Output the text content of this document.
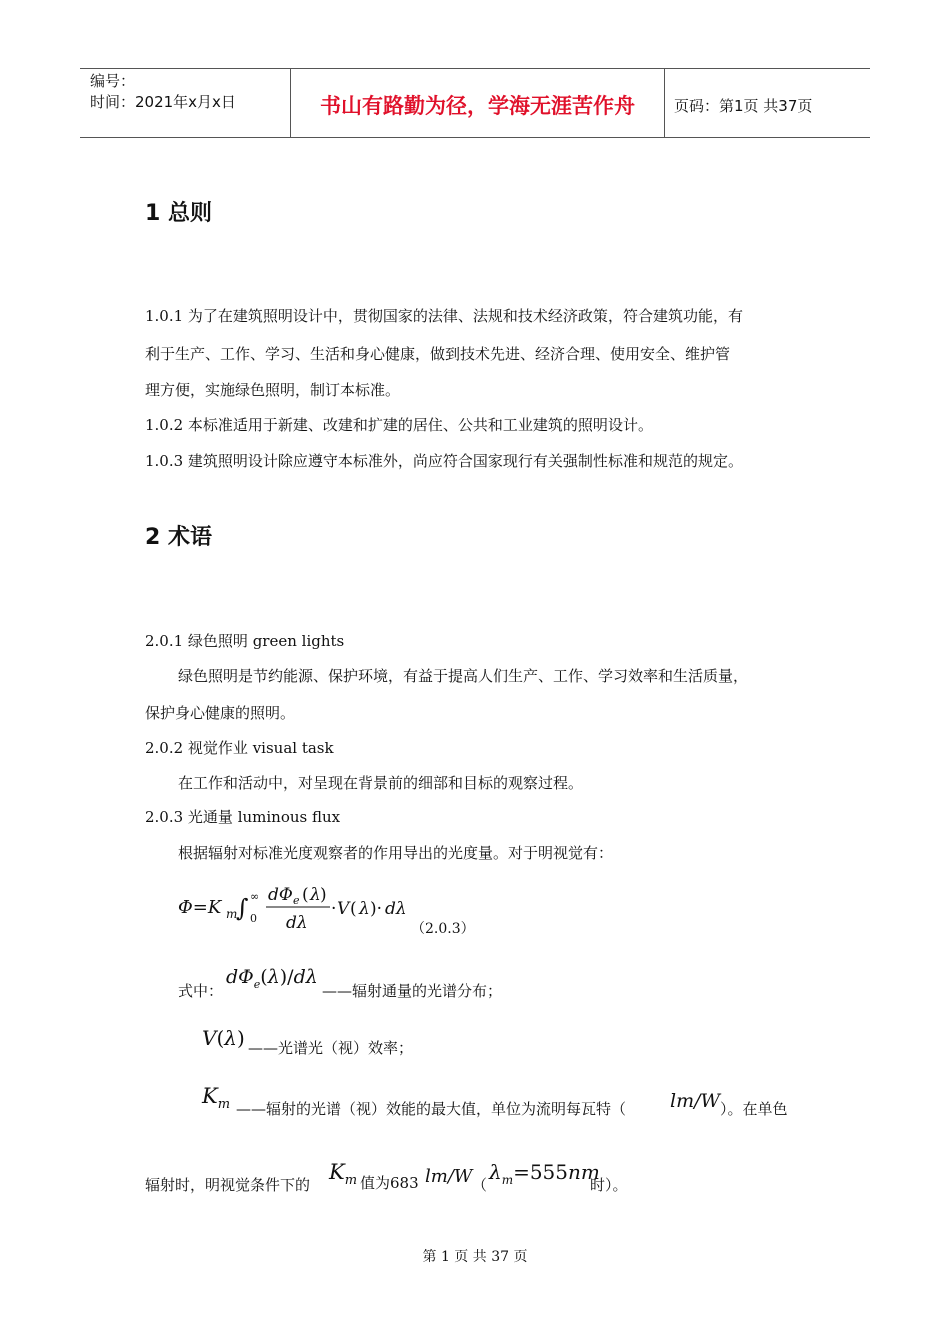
编号：
时间：2021年x月x日	书山有路勤为径，学海无涯苦作舟	页码：第1页 共37页
1 总则
1.0.1 为了在建筑照明设计中，贯彻国家的法律、法规和技术经济政策，符合建筑功能，有
利于生产、工作、学习、生活和身心健康，做到技术先进、经济合理、使用安全、维护管
理方便，实施绿色照明，制订本标准。
1.0.2 本标准适用于新建、改建和扩建的居住、公共和工业建筑的照明设计。
1.0.3 建筑照明设计除应遵守本标准外，尚应符合国家现行有关强制性标准和规范的规定。
2 术语
2.0.1 绿色照明 green lights
绿色照明是节约能源、保护环境，有益于提高人们生产、工作、学习效率和生活质量，
保护身心健康的照明。
2.0.2 视觉作业 visual task
在工作和活动中，对呈现在背景前的细部和目标的观察过程。
2.0.3 光通量 luminous flux
根据辐射对标准光度观察者的作用导出的光度量。对于明视觉有：
Φ=K m
∫ ∞
0
dΦ e ( λ )
dλ
· V ( λ )· dλ
（2.0.3）
式中：
$d\Phi_e(\lambda)/d\lambda$
——辐射通量的光谱分布；
V(λ) ——光谱光（视）效率；
$K_m$ ——辐射的光谱（视）效能的最大值，单位为流明每瓦特（ lm/W ）。在单色
辐射时，明视觉条件下的
$K_m$ 值为683 lm/W （
$\lambda_m=555nm$
时）。
第 1 页 共 37 页
